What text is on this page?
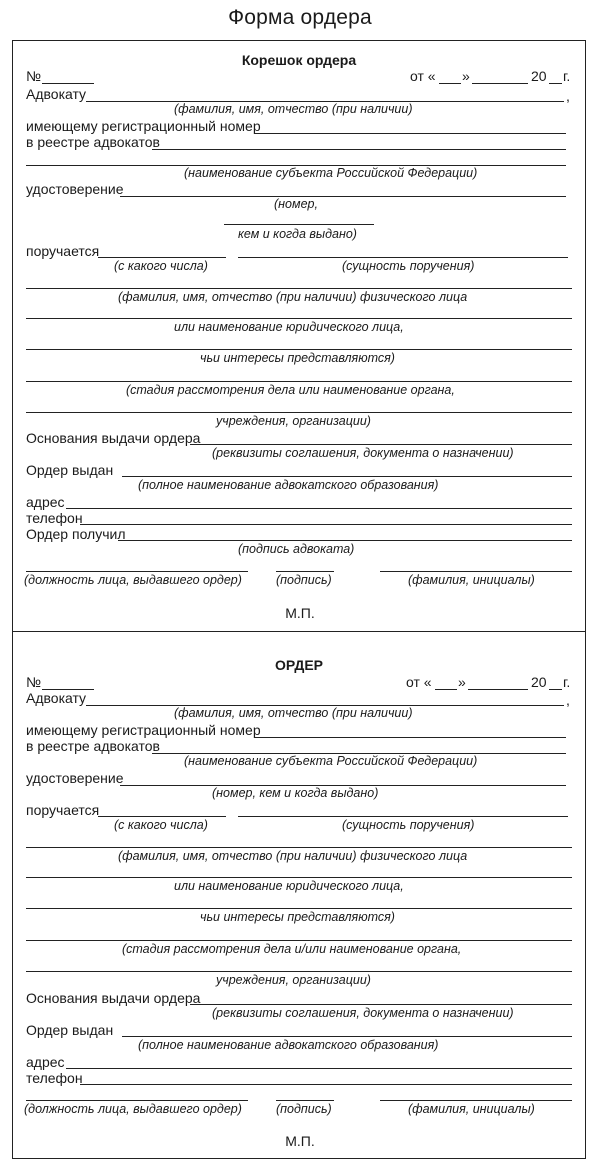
Форма ордера
Корешок ордера
№	от « »	20 г.
Адвокату	,
(фамилия, имя, отчество (при наличии)
имеющему регистрационный номер
в реестре адвокатов
(наименование субъекта Российской Федерации)
удостоверение
(номер,
кем и когда выдано)
поручается
(с какого числа)	(сущность поручения)
(фамилия, имя, отчество (при наличии) физического лица
или наименование юридического лица,
чьи интересы представляются)
(стадия рассмотрения дела или наименование органа,
учреждения, организации)
Основания выдачи ордера
(реквизиты соглашения, документа о назначении)
Ордер выдан
(полное наименование адвокатского образования)
адрес
телефон
Ордер получил
(подпись адвоката)
(должность лица, выдавшего ордер)	(подпись)	(фамилия, инициалы)
М.П.
ОРДЕР
№	от « »	20 г.
Адвокату	,
(фамилия, имя, отчество (при наличии)
имеющему регистрационный номер
в реестре адвокатов
(наименование субъекта Российской Федерации)
удостоверение
(номер, кем и когда выдано)
поручается
(с какого числа)	(сущность поручения)
(фамилия, имя, отчество (при наличии) физического лица
или наименование юридического лица,
чьи интересы представляются)
(стадия рассмотрения дела и/или наименование органа,
учреждения, организации)
Основания выдачи ордера
(реквизиты соглашения, документа о назначении)
Ордер выдан
(полное наименование адвокатского образования)
адрес
телефон
(должность лица, выдавшего ордер)	(подпись)	(фамилия, инициалы)
М.П.
